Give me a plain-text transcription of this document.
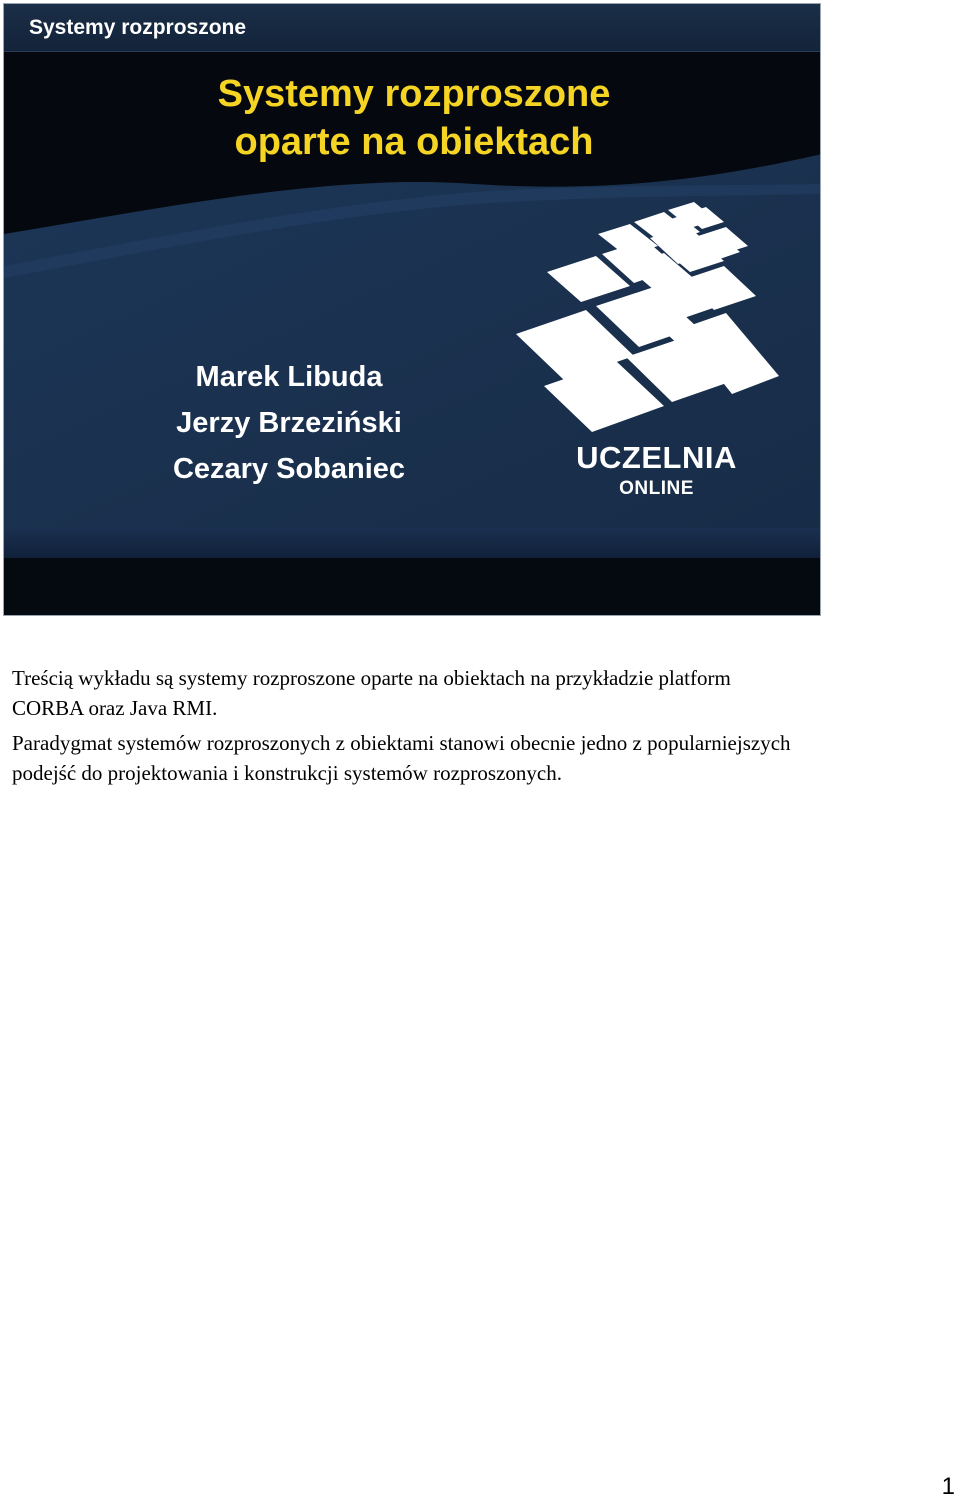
Systemy rozproszone
Systemy rozproszone
oparte na obiektach
Marek Libuda
Jerzy Brzeziński
Cezary Sobaniec	UCZELNIA
ONLINE

Treścią wykładu są systemy rozproszone oparte na obiektach na przykładzie platform CORBA oraz Java RMI.

Paradygmat systemów rozproszonych z obiektami stanowi obecnie jedno z popularniejszych podejść do projektowania i konstrukcji systemów rozproszonych.

1
